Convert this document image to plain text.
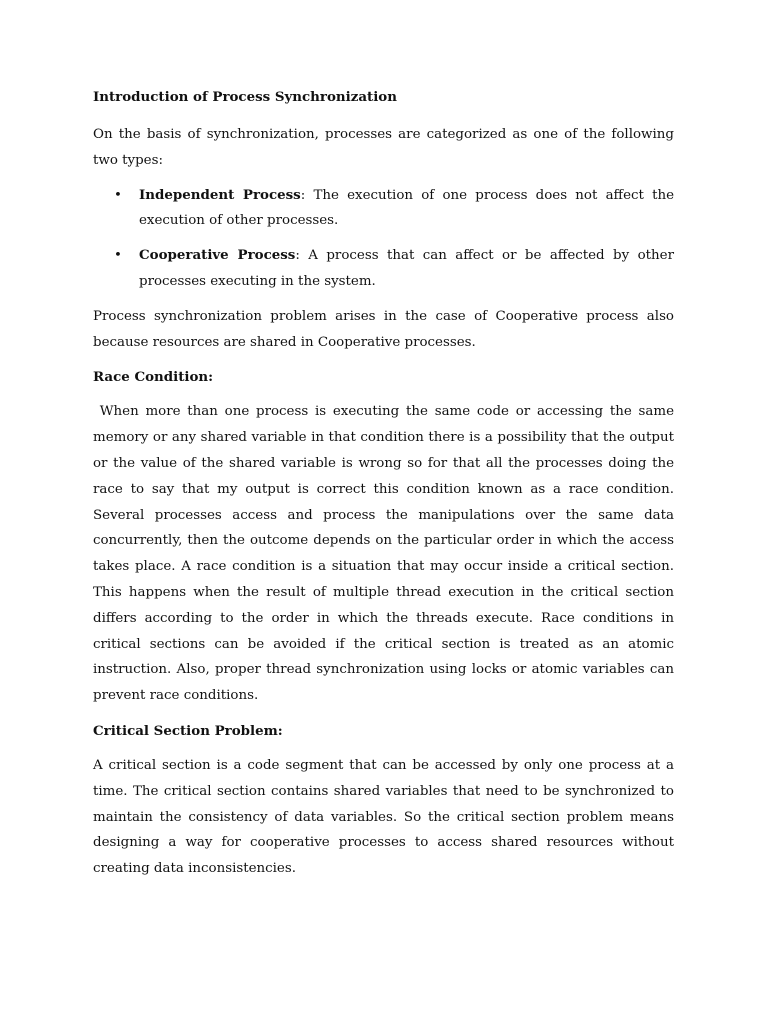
Introduction of Process Synchronization

On the basis of synchronization, processes are categorized as one of the following two types:

• Independent Process: The execution of one process does not affect the execution of other processes.
• Cooperative Process: A process that can affect or be affected by other processes executing in the system.

Process synchronization problem arises in the case of Cooperative process also because resources are shared in Cooperative processes.

Race Condition:

When more than one process is executing the same code or accessing the same memory or any shared variable in that condition there is a possibility that the output or the value of the shared variable is wrong so for that all the processes doing the race to say that my output is correct this condition known as a race condition. Several processes access and process the manipulations over the same data concurrently, then the outcome depends on the particular order in which the access takes place. A race condition is a situation that may occur inside a critical section. This happens when the result of multiple thread execution in the critical section differs according to the order in which the threads execute. Race conditions in critical sections can be avoided if the critical section is treated as an atomic instruction. Also, proper thread synchronization using locks or atomic variables can prevent race conditions.

Critical Section Problem:

A critical section is a code segment that can be accessed by only one process at a time. The critical section contains shared variables that need to be synchronized to maintain the consistency of data variables. So the critical section problem means designing a way for cooperative processes to access shared resources without creating data inconsistencies.
